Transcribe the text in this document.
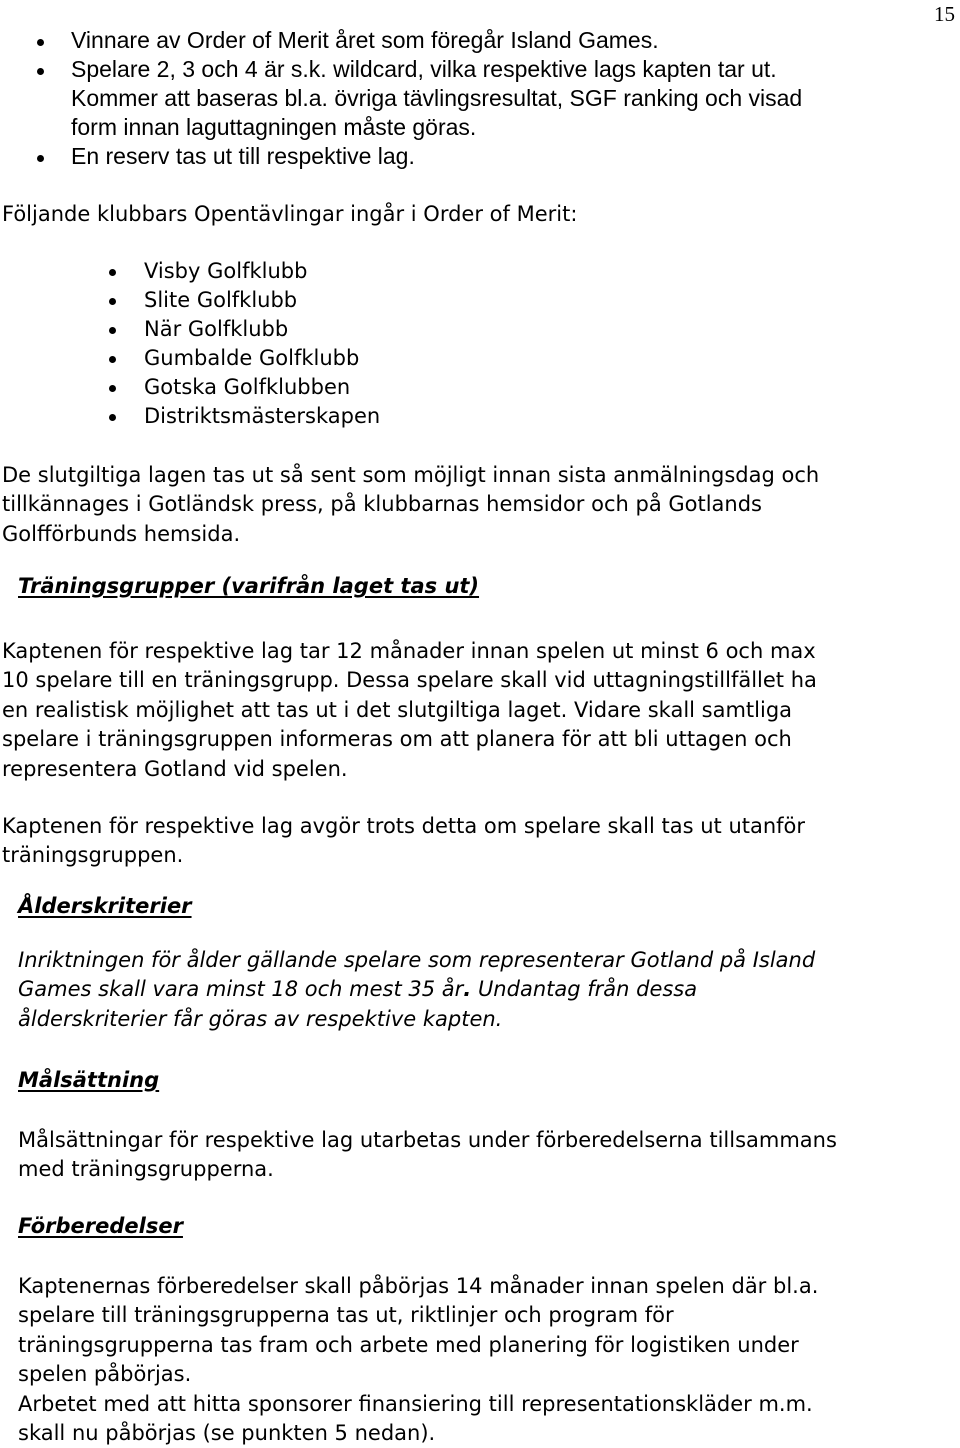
15
Vinnare av Order of Merit året som föregår Island Games.
Spelare 2, 3 och 4 är s.k. wildcard, vilka respektive lags kapten tar ut.
Kommer att baseras bl.a. övriga tävlingsresultat, SGF ranking och visad
form innan laguttagningen måste göras.
En reserv tas ut till respektive lag.
Följande klubbars Opentävlingar ingår i Order of Merit:
Visby Golfklubb
Slite Golfklubb
När Golfklubb
Gumbalde Golfklubb
Gotska Golfklubben
Distriktsmästerskapen
De slutgiltiga lagen tas ut så sent som möjligt innan sista anmälningsdag och
tillkännages i Gotländsk press, på klubbarnas hemsidor och på Gotlands
Golfförbunds hemsida.
Träningsgrupper (varifrån laget tas ut)
Kaptenen för respektive lag tar 12 månader innan spelen ut minst 6 och max
10 spelare till en träningsgrupp. Dessa spelare skall vid uttagningstillfället ha
en realistisk möjlighet att tas ut i det slutgiltiga laget. Vidare skall samtliga
spelare i träningsgruppen informeras om att planera för att bli uttagen och
representera Gotland vid spelen.
Kaptenen för respektive lag avgör trots detta om spelare skall tas ut utanför
träningsgruppen.
Ålderskriterier
Inriktningen för ålder gällande spelare som representerar Gotland på Island
Games skall vara minst 18 och mest 35 år. Undantag från dessa
ålderskriterier får göras av respektive kapten.
Målsättning
Målsättningar för respektive lag utarbetas under förberedelserna tillsammans
med träningsgrupperna.
Förberedelser
Kaptenernas förberedelser skall påbörjas 14 månader innan spelen där bl.a.
spelare till träningsgrupperna tas ut, riktlinjer och program för
träningsgrupperna tas fram och arbete med planering för logistiken under
spelen påbörjas.
Arbetet med att hitta sponsorer finansiering till representationskläder m.m.
skall nu påbörjas (se punkten 5 nedan).
